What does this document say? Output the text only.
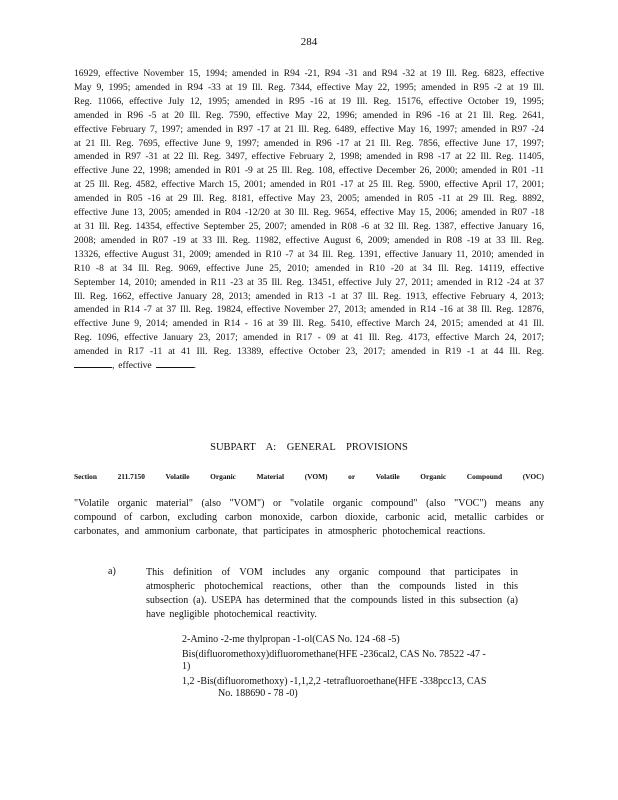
284

16929, effective November 15, 1994; amended in R94 -21, R94 -31 and R94 -32 at 19 Ill. Reg. 6823, effective May 9, 1995; amended in R94 -33 at 19 Ill. Reg. 7344, effective May 22, 1995; amended in R95 -2 at 19 Ill. Reg. 11066, effective July 12, 1995; amended in R95 -16 at 19 Ill. Reg. 15176, effective October 19, 1995; amended in R96 -5 at 20 Ill. Reg. 7590, effective May 22, 1996; amended in R96 -16 at 21 Ill. Reg. 2641, effective February 7, 1997; amended in R97 -17 at 21 Ill. Reg. 6489, effective May 16, 1997; amended in R97 -24 at 21 Ill. Reg. 7695, effective June 9, 1997; amended in R96 -17 at 21 Ill. Reg. 7856, effective June 17, 1997; amended in R97 -31 at 22 Ill. Reg. 3497, effective February 2, 1998; amended in R98 -17 at 22 Ill. Reg. 11405, effective June 22, 1998; amended in R01 -9 at 25 Ill. Reg. 108, effective December 26, 2000; amended in R01 -11 at 25 Ill. Reg. 4582, effective March 15, 2001; amended in R01 -17 at 25 Ill. Reg. 5900, effective April 17, 2001; amended in R05 -16 at 29 Ill. Reg. 8181, effective May 23, 2005; amended in R05 -11 at 29 Ill. Reg. 8892, effective June 13, 2005; amended in R04 -12/20 at 30 Ill. Reg. 9654, effective May 15, 2006; amended in R07 -18 at 31 Ill. Reg. 14354, effective September 25, 2007; amended in R08 -6 at 32 Ill. Reg. 1387, effective January 16, 2008; amended in R07 -19 at 33 Ill. Reg. 11982, effective August 6, 2009; amended in R08 -19 at 33 Ill. Reg. 13326, effective August 31, 2009; amended in R10 -7 at 34 Ill. Reg. 1391, effective January 11, 2010; amended in R10 -8 at 34 Ill. Reg. 9069, effective June 25, 2010; amended in R10 -20 at 34 Ill. Reg. 14119, effective September 14, 2010; amended in R11 -23 at 35 Ill. Reg. 13451, effective July 27, 2011; amended in R12 -24 at 37 Ill. Reg. 1662, effective January 28, 2013; amended in R13 -1 at 37 Ill. Reg. 1913, effective February 4, 2013; amended in R14 -7 at 37 Ill. Reg. 19824, effective November 27, 2013; amended in R14 -16 at 38 Ill. Reg. 12876, effective June 9, 2014; amended in R14 - 16 at 39 Ill. Reg. 5410, effective March 24, 2015; amended at 41 Ill. Reg. 1096, effective January 23, 2017; amended in R17 - 09 at 41 Ill. Reg. 4173, effective March 24, 2017; amended in R17 -11 at 41 Ill. Reg. 13389, effective October 23, 2017; amended in R19 -1 at 44 Ill. Reg. , effective	.

SUBPART A: GENERAL PROVISIONS
Section	211.7150	Volatile	Organic	Material	(VOM)	or	Volatile	Organic	Compound	(VOC)

"Volatile organic material" (also "VOM") or "volatile organic compound" (also "VOC") means any compound of carbon, excluding carbon monoxide, carbon dioxide, carbonic acid, metallic carbides or carbonates, and ammonium carbonate, that participates in atmospheric photochemical reactions.

a)	This definition of VOM includes any organic compound that participates in atmospheric photochemical reactions, other than the compounds listed in this subsection (a). USEPA has determined that the compounds listed in this subsection (a) have negligible photochemical reactivity.

2-Amino -2-me thylpropan -1-ol(CAS No. 124 -68 -5)
Bis(difluoromethoxy)difluoromethane(HFE -236cal2, CAS No. 78522 -47 -
1)
1,2 -Bis(difluoromethoxy) -1,1,2,2 -tetrafluoroethane(HFE -338pcc13, CAS
No. 188690 - 78 -0)
